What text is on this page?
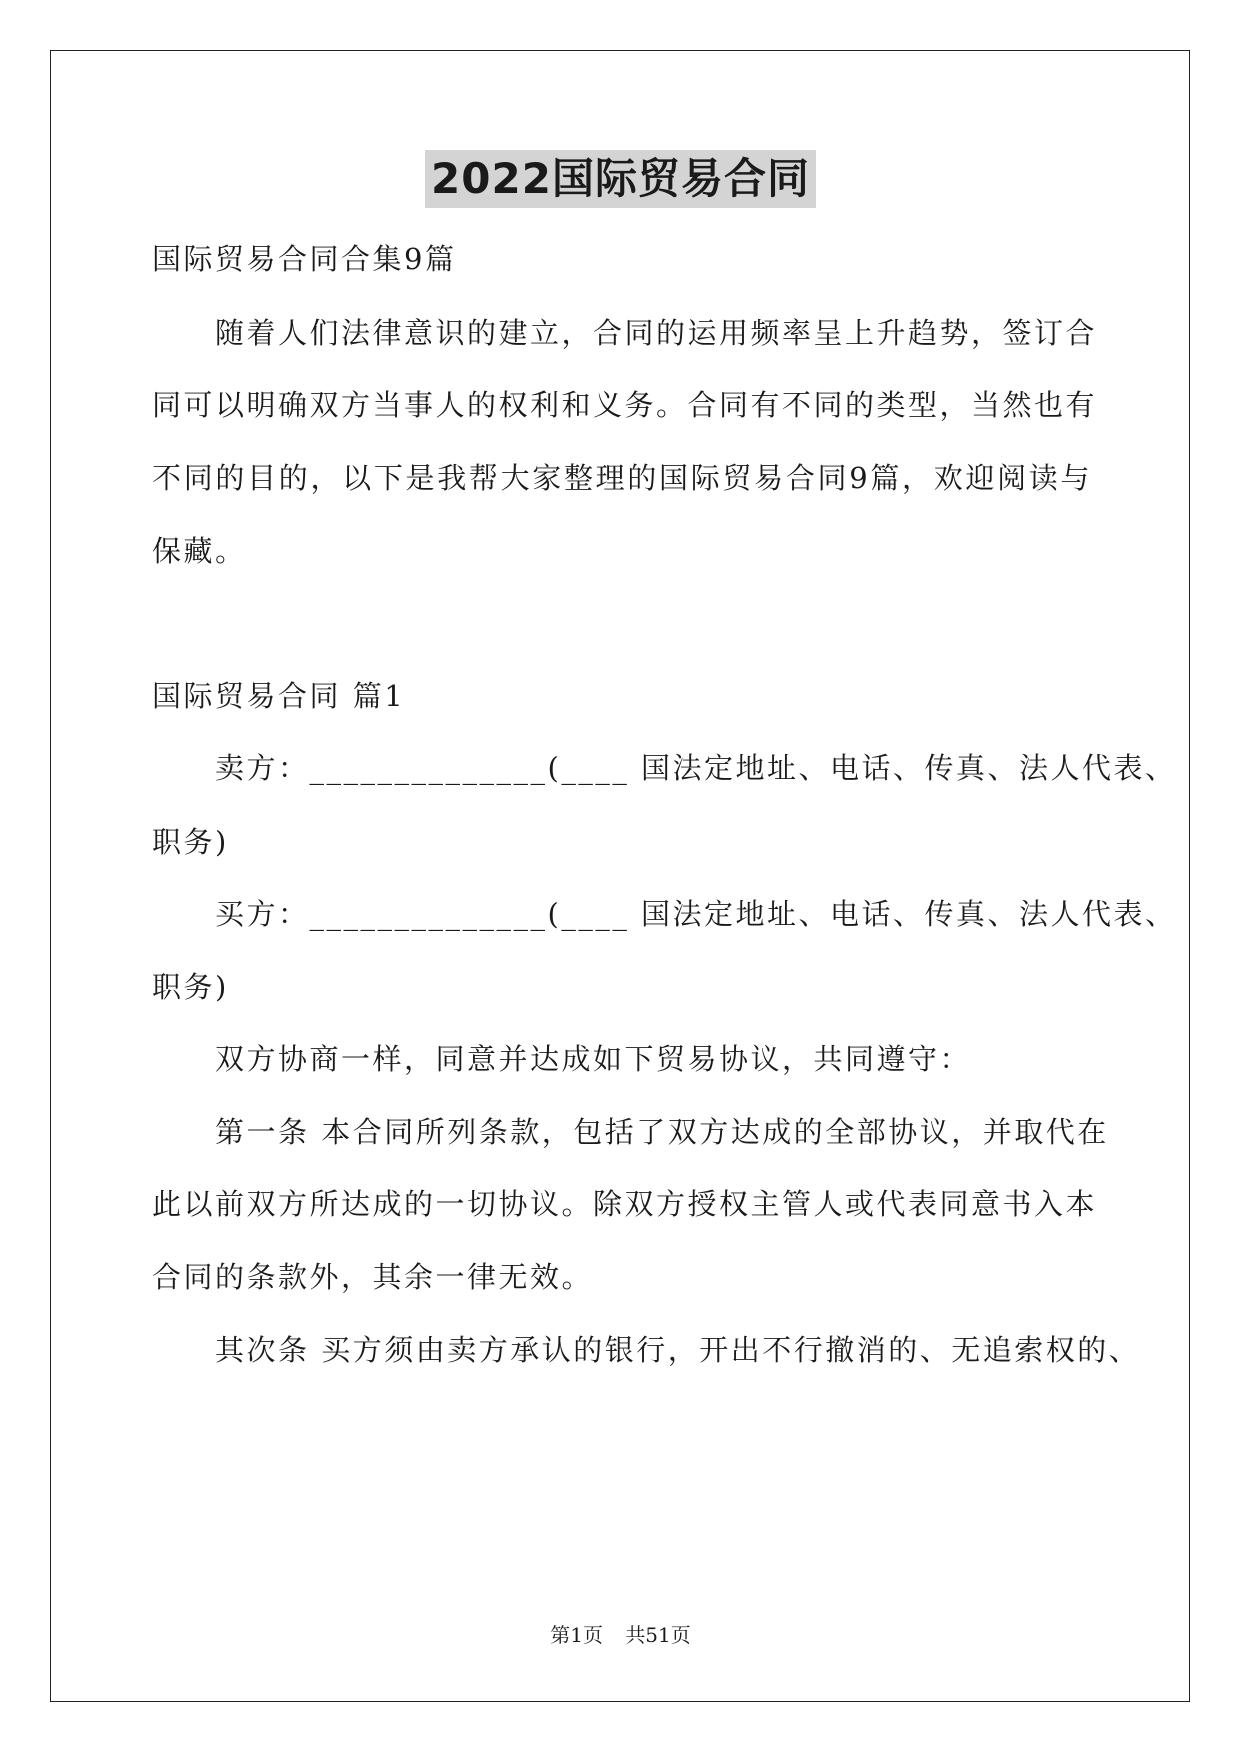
2022国际贸易合同
国际贸易合同合集9篇
随着人们法律意识的建立，合同的运用频率呈上升趋势，签订合
同可以明确双方当事人的权利和义务。合同有不同的类型，当然也有
不同的目的，以下是我帮大家整理的国际贸易合同9篇，欢迎阅读与
保藏。
国际贸易合同 篇1
卖方：______________(____ 国法定地址、电话、传真、法人代表、
职务)
买方：______________(____ 国法定地址、电话、传真、法人代表、
职务)
双方协商一样，同意并达成如下贸易协议，共同遵守：
第一条 本合同所列条款，包括了双方达成的全部协议，并取代在
此以前双方所达成的一切协议。除双方授权主管人或代表同意书入本
合同的条款外，其余一律无效。
其次条 买方须由卖方承认的银行，开出不行撤消的、无追索权的、
第1页 共51页
